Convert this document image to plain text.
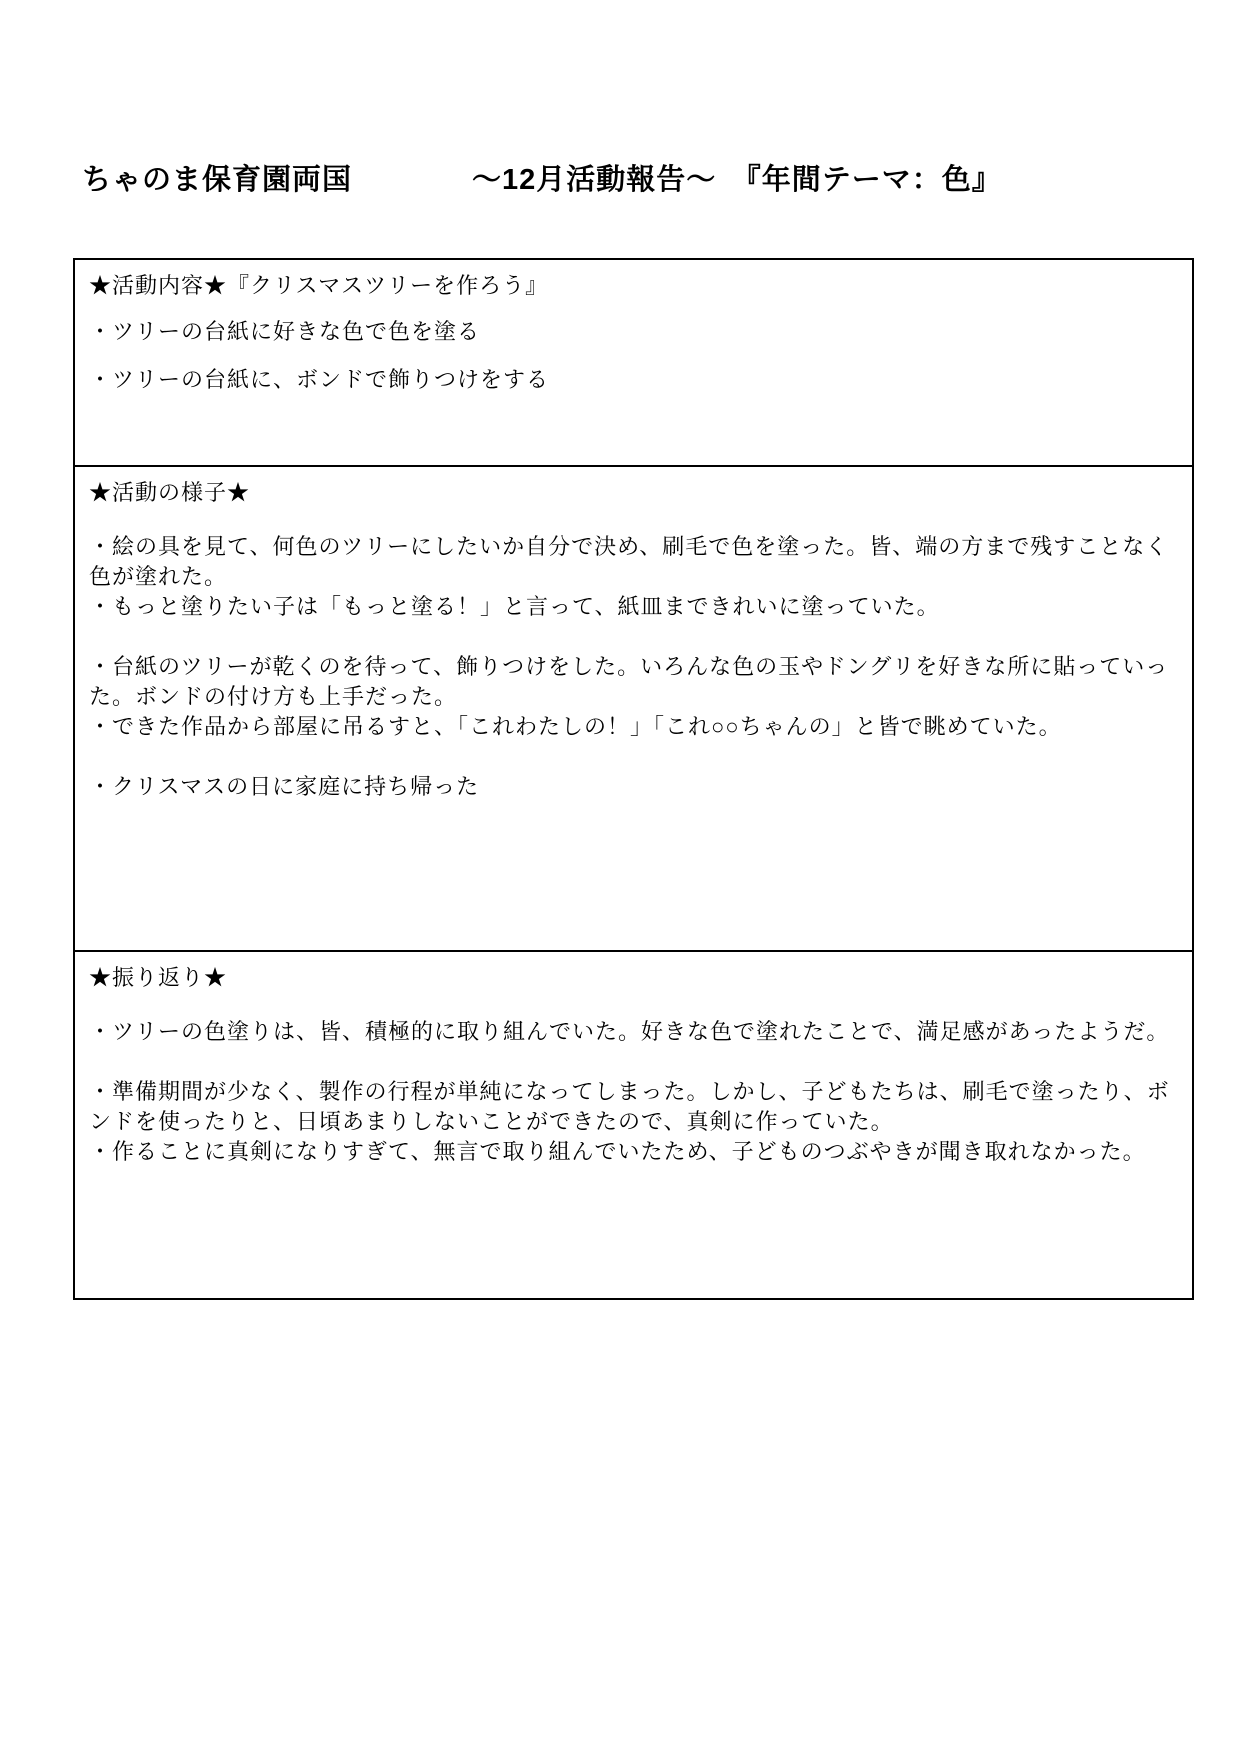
ちゃのま保育園両国　　　　〜12月活動報告〜　『年間テーマ：色』
★活動内容★『クリスマスツリーを作ろう』
・ツリーの台紙に好きな色で色を塗る
・ツリーの台紙に、ボンドで飾りつけをする
★活動の様子★
・絵の具を見て、何色のツリーにしたいか自分で決め、刷毛で色を塗った。皆、端の方まで残すことなく
色が塗れた。
・もっと塗りたい子は「もっと塗る！」と言って、紙皿まできれいに塗っていた。
・台紙のツリーが乾くのを待って、飾りつけをした。いろんな色の玉やドングリを好きな所に貼っていっ
た。ボンドの付け方も上手だった。
・できた作品から部屋に吊るすと、「これわたしの！」「これ○○ちゃんの」と皆で眺めていた。
・クリスマスの日に家庭に持ち帰った
★振り返り★
・ツリーの色塗りは、皆、積極的に取り組んでいた。好きな色で塗れたことで、満足感があったようだ。
・準備期間が少なく、製作の行程が単純になってしまった。しかし、子どもたちは、刷毛で塗ったり、ボ
ンドを使ったりと、日頃あまりしないことができたので、真剣に作っていた。
・作ることに真剣になりすぎて、無言で取り組んでいたため、子どものつぶやきが聞き取れなかった。
